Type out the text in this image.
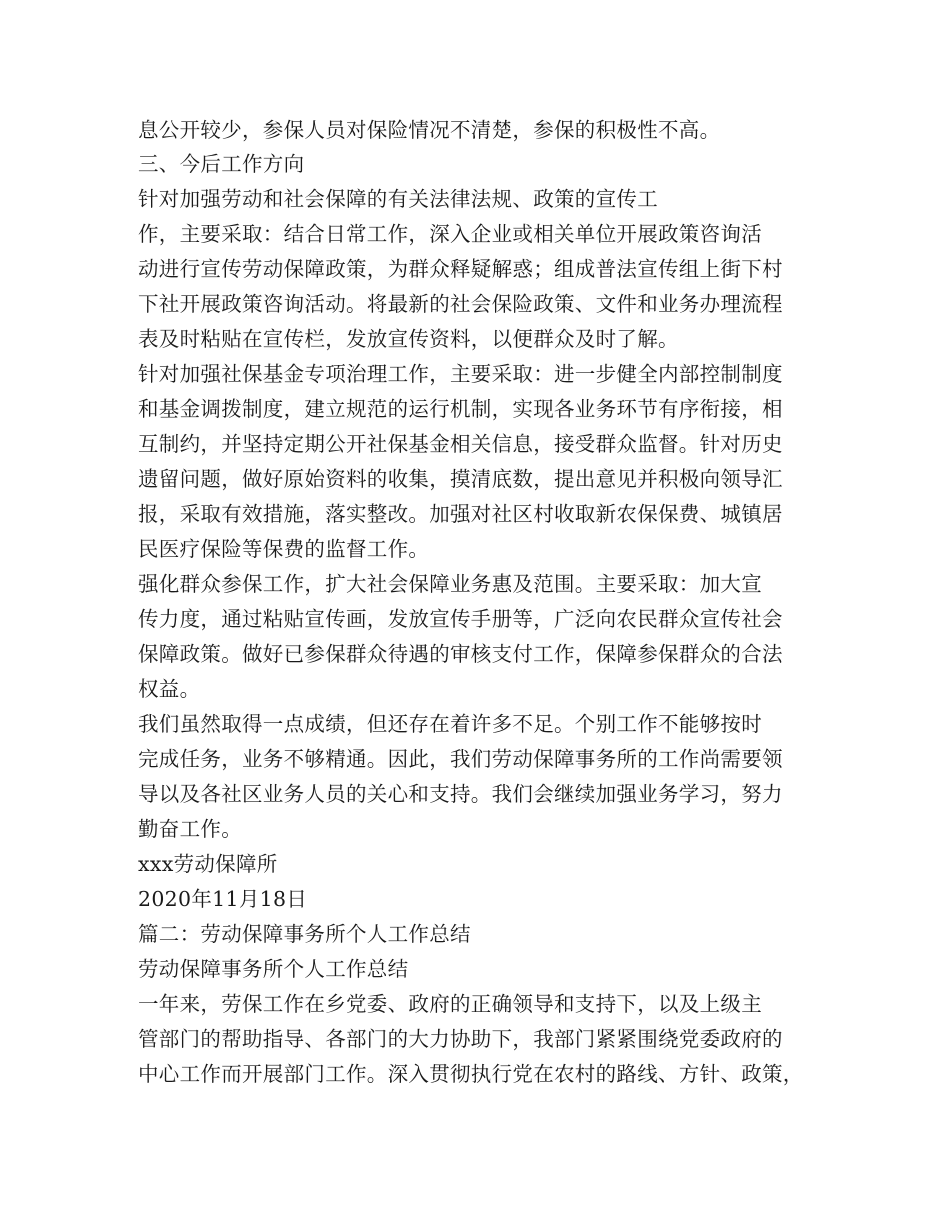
息公开较少，参保人员对保险情况不清楚，参保的积极性不高。
三、今后工作方向
针对加强劳动和社会保障的有关法律法规、政策的宣传工
作，主要采取：结合日常工作，深入企业或相关单位开展政策咨询活
动进行宣传劳动保障政策，为群众释疑解惑；组成普法宣传组上街下村
下社开展政策咨询活动。将最新的社会保险政策、文件和业务办理流程
表及时粘贴在宣传栏，发放宣传资料，以便群众及时了解。
针对加强社保基金专项治理工作，主要采取：进一步健全内部控制制度
和基金调拨制度，建立规范的运行机制，实现各业务环节有序衔接，相
互制约，并坚持定期公开社保基金相关信息，接受群众监督。针对历史
遗留问题，做好原始资料的收集，摸清底数，提出意见并积极向领导汇
报，采取有效措施，落实整改。加强对社区村收取新农保保费、城镇居
民医疗保险等保费的监督工作。
强化群众参保工作，扩大社会保障业务惠及范围。主要采取：加大宣
传力度，通过粘贴宣传画，发放宣传手册等，广泛向农民群众宣传社会
保障政策。做好已参保群众待遇的审核支付工作，保障参保群众的合法
权益。
我们虽然取得一点成绩，但还存在着许多不足。个别工作不能够按时
完成任务，业务不够精通。因此，我们劳动保障事务所的工作尚需要领
导以及各社区业务人员的关心和支持。我们会继续加强业务学习，努力
勤奋工作。
xxx劳动保障所
2020年11月18日
篇二：劳动保障事务所个人工作总结
劳动保障事务所个人工作总结
一年来，劳保工作在乡党委、政府的正确领导和支持下，以及上级主
管部门的帮助指导、各部门的大力协助下，我部门紧紧围绕党委政府的
中心工作而开展部门工作。深入贯彻执行党在农村的路线、方针、政策，
